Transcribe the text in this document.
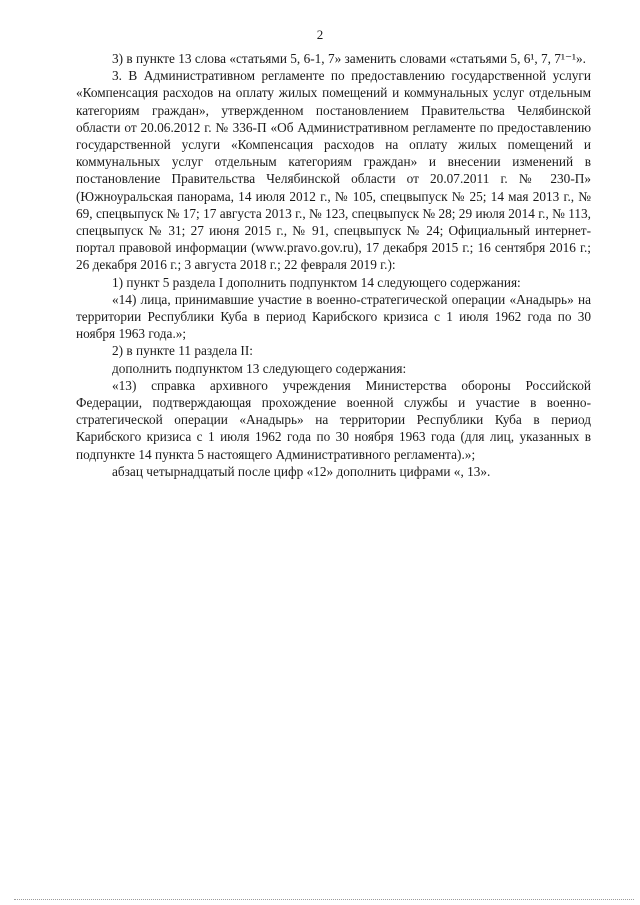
2

3) в пункте 13 слова «статьями 5, 6-1, 7» заменить словами «статьями 5, 6¹, 7, 7¹⁻¹».

3. В Административном регламенте по предоставлению государственной услуги «Компенсация расходов на оплату жилых помещений и коммунальных услуг отдельным категориям граждан», утвержденном постановлением Правительства Челябинской области от 20.06.2012 г. № 336-П «Об Административном регламенте по предоставлению государственной услуги «Компенсация расходов на оплату жилых помещений и коммунальных услуг отдельным категориям граждан» и внесении изменений в постановление Правительства Челябинской области от 20.07.2011 г. № 230-П» (Южноуральская панорама, 14 июля 2012 г., № 105, спецвыпуск № 25; 14 мая 2013 г., № 69, спецвыпуск № 17; 17 августа 2013 г., № 123, спецвыпуск № 28; 29 июля 2014 г., № 113, спецвыпуск № 31; 27 июня 2015 г., № 91, спецвыпуск № 24; Официальный интернет-портал правовой информации (www.pravo.gov.ru), 17 декабря 2015 г.; 16 сентября 2016 г.; 26 декабря 2016 г.; 3 августа 2018 г.; 22 февраля 2019 г.):

1) пункт 5 раздела I дополнить подпунктом 14 следующего содержания:

«14) лица, принимавшие участие в военно-стратегической операции «Анадырь» на территории Республики Куба в период Карибского кризиса с 1 июля 1962 года по 30 ноября 1963 года.»;

2) в пункте 11 раздела II:

дополнить подпунктом 13 следующего содержания:

«13) справка архивного учреждения Министерства обороны Российской Федерации, подтверждающая прохождение военной службы и участие в военно-стратегической операции «Анадырь» на территории Республики Куба в период Карибского кризиса с 1 июля 1962 года по 30 ноября 1963 года (для лиц, указанных в подпункте 14 пункта 5 настоящего Административного регламента).»;

абзац четырнадцатый после цифр «12» дополнить цифрами «, 13».
